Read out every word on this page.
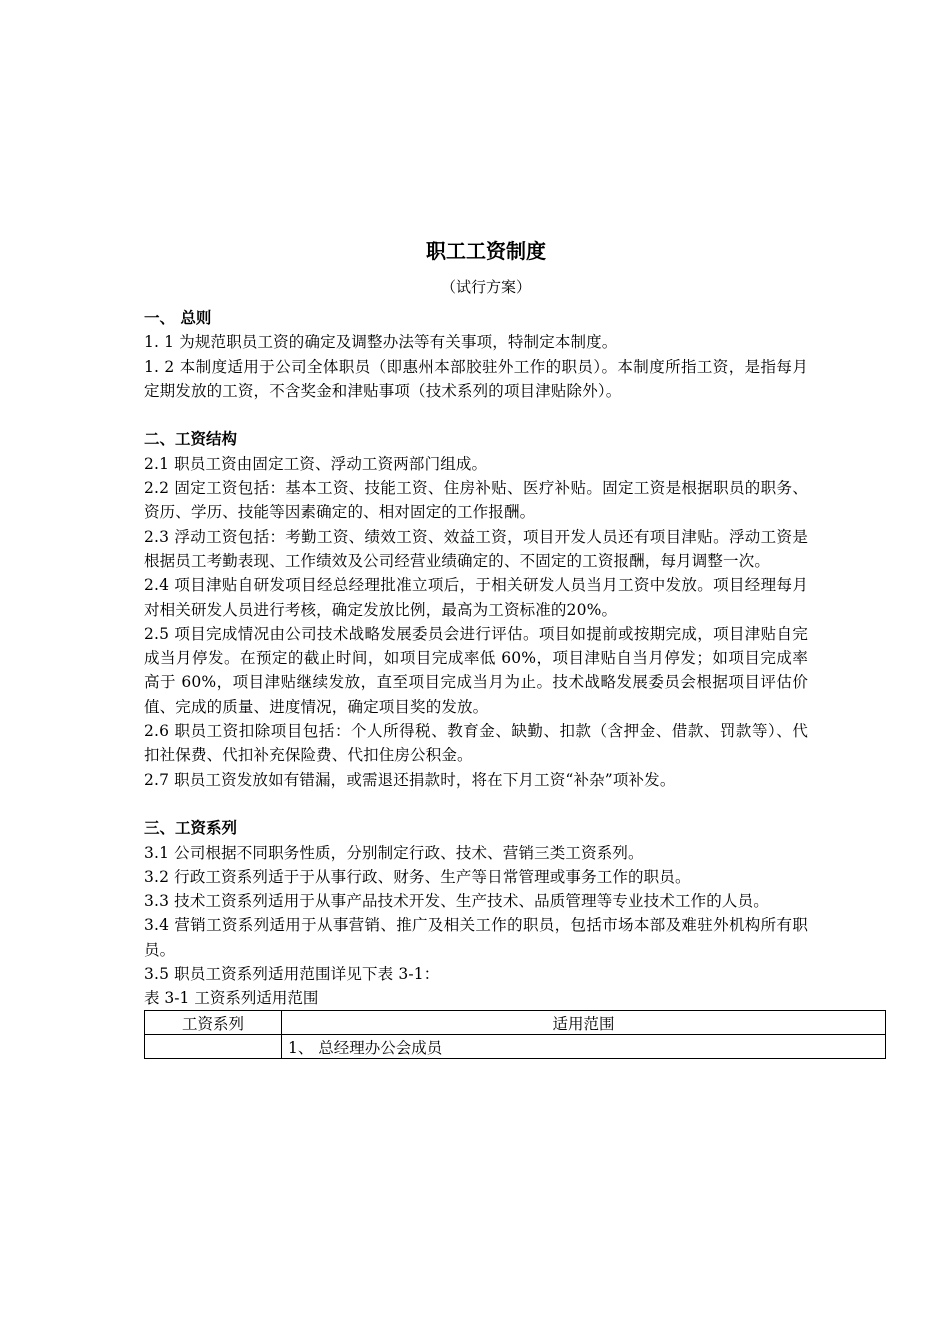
职工工资制度

（试行方案）

一、 总则

1. 1 为规范职员工资的确定及调整办法等有关事项，特制定本制度。

1. 2 本制度适用于公司全体职员（即惠州本部胶驻外工作的职员）。本制度所指工资，是指每月定期发放的工资，不含奖金和津贴事项（技术系列的项目津贴除外）。

二、工资结构

2.1 职员工资由固定工资、浮动工资两部门组成。

2.2 固定工资包括：基本工资、技能工资、住房补贴、医疗补贴。固定工资是根据职员的职务、资历、学历、技能等因素确定的、相对固定的工作报酬。

2.3 浮动工资包括：考勤工资、绩效工资、效益工资，项目开发人员还有项目津贴。浮动工资是根据员工考勤表现、工作绩效及公司经营业绩确定的、不固定的工资报酬，每月调整一次。

2.4 项目津贴自研发项目经总经理批准立项后，于相关研发人员当月工资中发放。项目经理每月对相关研发人员进行考核，确定发放比例，最高为工资标准的20%。

2.5 项目完成情况由公司技术战略发展委员会进行评估。项目如提前或按期完成，项目津贴自完成当月停发。在预定的截止时间，如项目完成率低 60%，项目津贴自当月停发；如项目完成率高于 60%，项目津贴继续发放，直至项目完成当月为止。技术战略发展委员会根据项目评估价值、完成的质量、进度情况，确定项目奖的发放。

2.6 职员工资扣除项目包括：个人所得税、教育金、缺勤、扣款（含押金、借款、罚款等）、代扣社保费、代扣补充保险费、代扣住房公积金。

2.7 职员工资发放如有错漏，或需退还捐款时，将在下月工资“补杂”项补发。

三、工资系列

3.1 公司根据不同职务性质，分别制定行政、技术、营销三类工资系列。

3.2 行政工资系列适于于从事行政、财务、生产等日常管理或事务工作的职员。

3.3 技术工资系列适用于从事产品技术开发、生产技术、品质管理等专业技术工作的人员。

3.4 营销工资系列适用于从事营销、推广及相关工作的职员，包括市场本部及难驻外机构所有职员。

3.5 职员工资系列适用范围详见下表 3-1：

表 3-1 工资系列适用范围

工资系列	适用范围
	1、 总经理办公会成员
